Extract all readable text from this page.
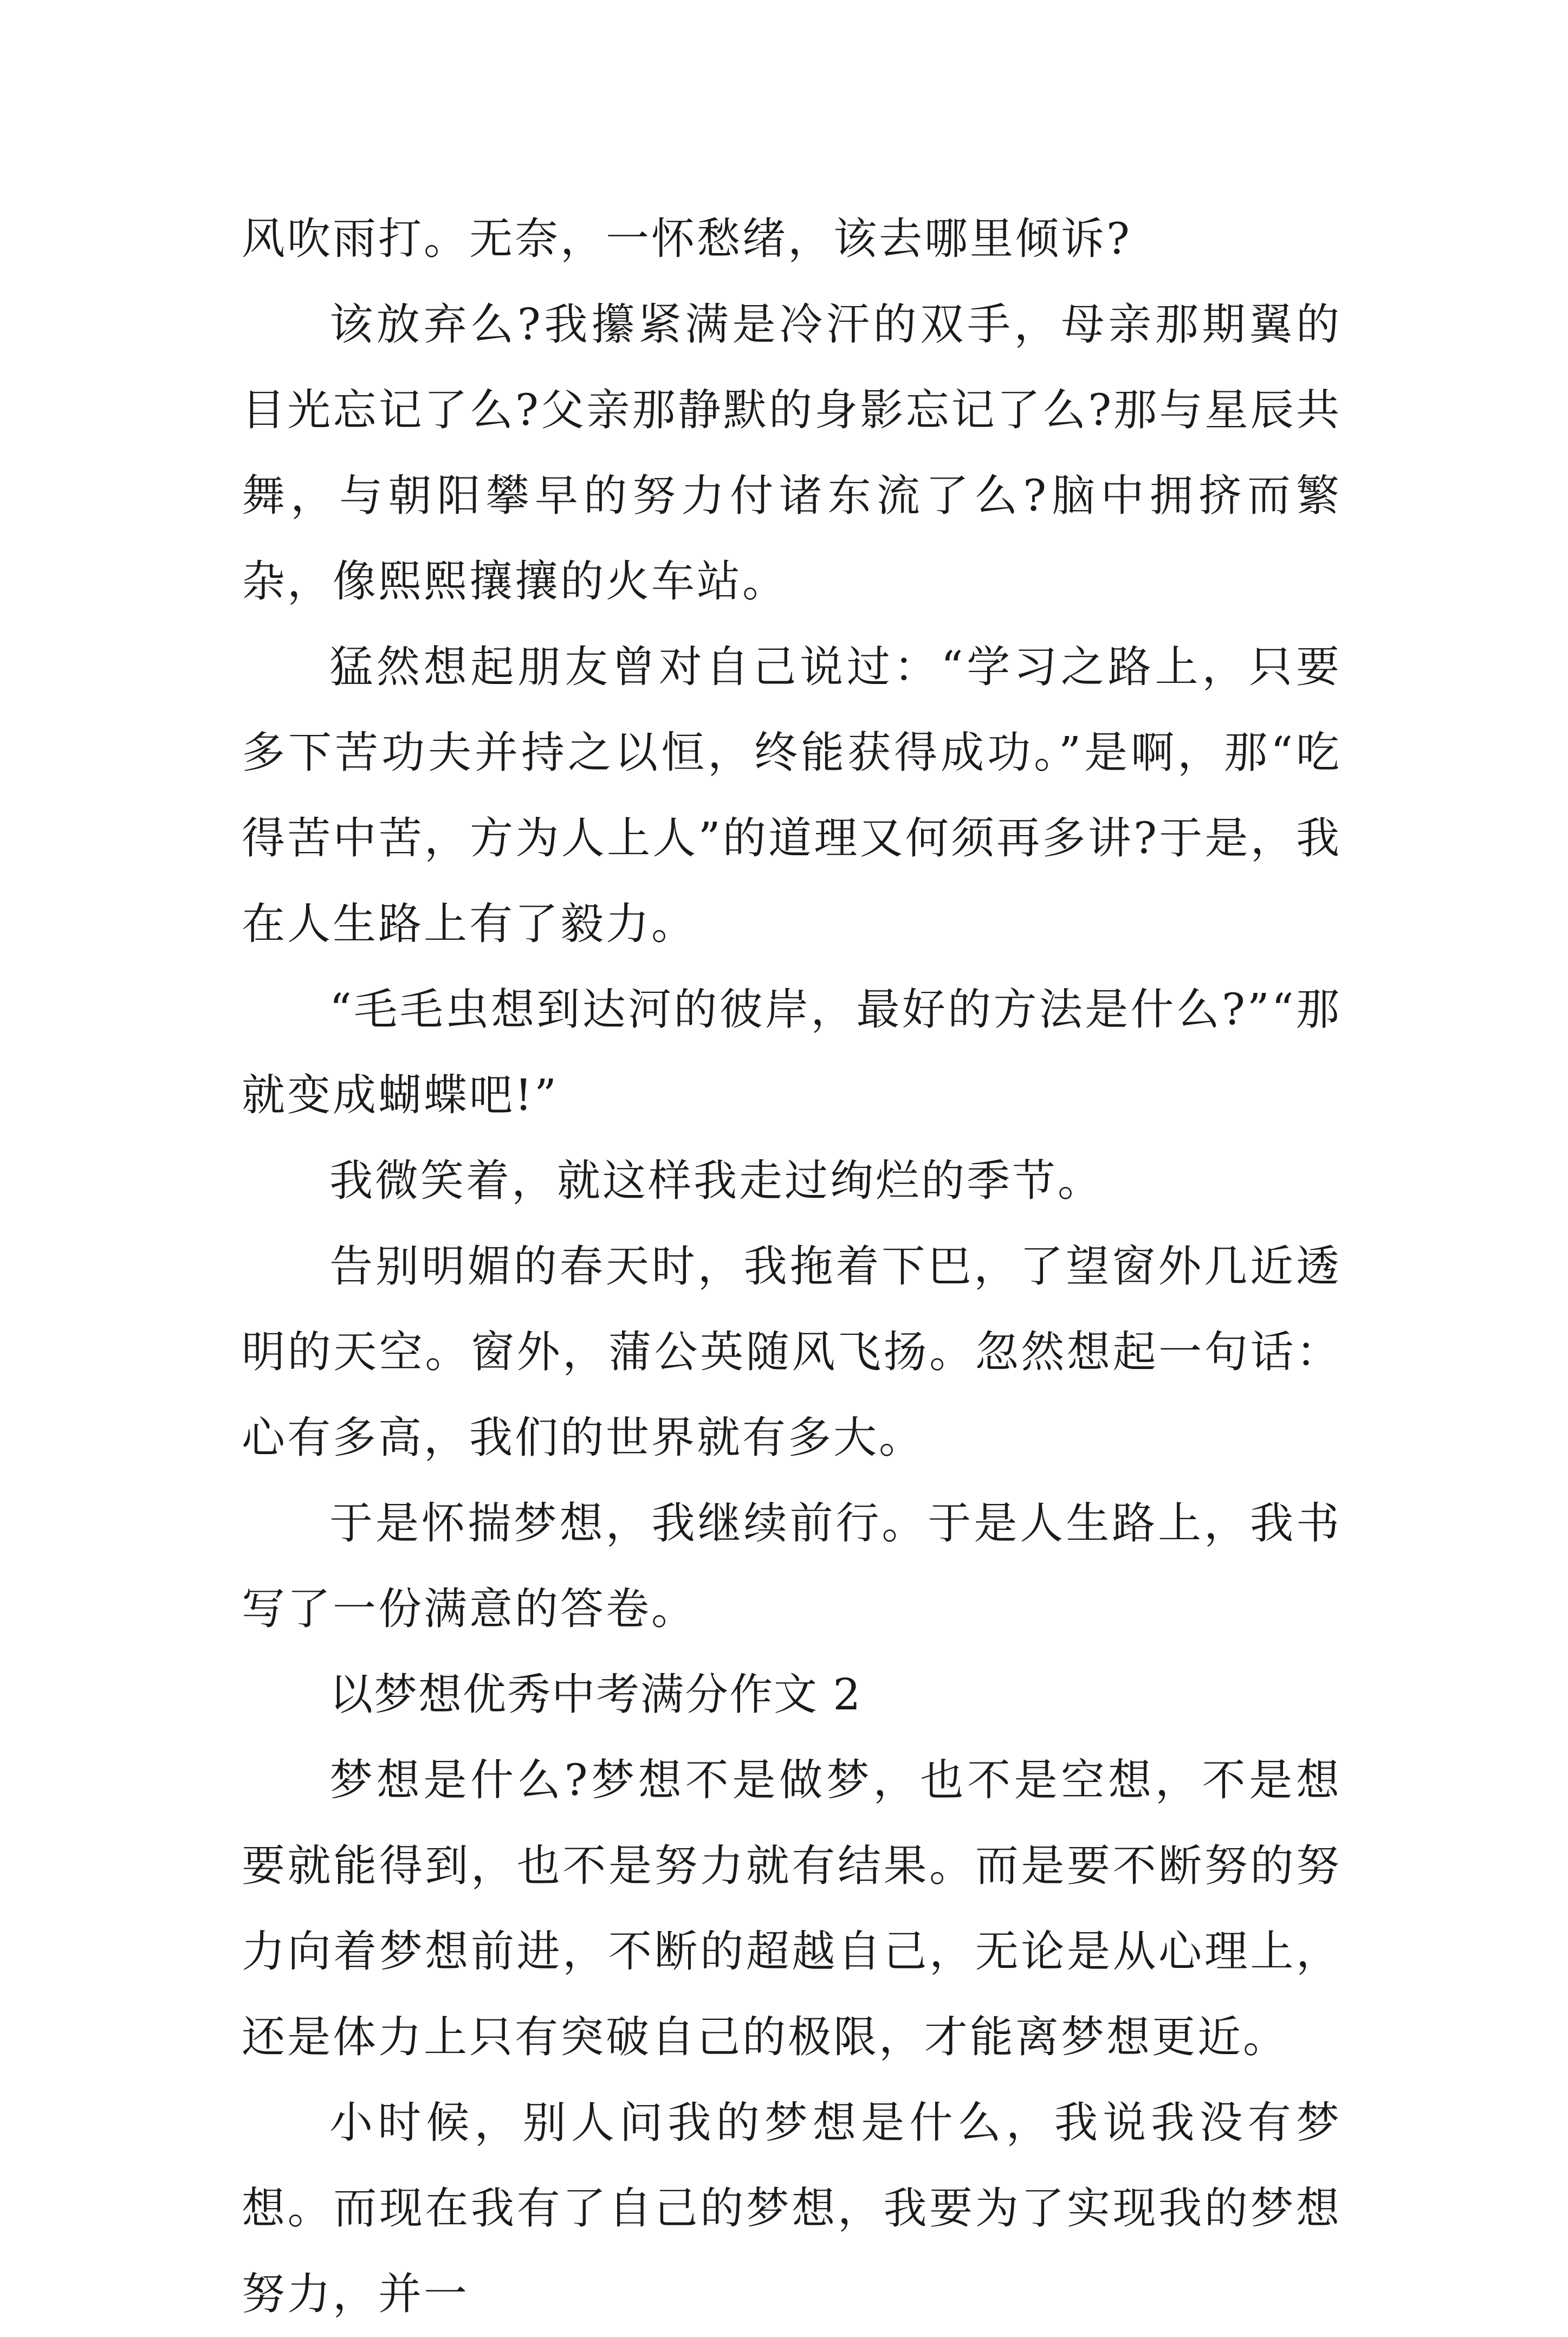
风吹雨打。无奈，一怀愁绪，该去哪里倾诉?

该放弃么?我攥紧满是冷汗的双手，母亲那期翼的目光忘记了么?父亲那静默的身影忘记了么?那与星辰共舞，与朝阳攀早的努力付诸东流了么?脑中拥挤而繁杂，像熙熙攘攘的火车站。

猛然想起朋友曾对自己说过：“学习之路上，只要多下苦功夫并持之以恒，终能获得成功。”是啊，那“吃得苦中苦，方为人上人”的道理又何须再多讲?于是，我在人生路上有了毅力。

“毛毛虫想到达河的彼岸，最好的方法是什么?”“那就变成蝴蝶吧!”

我微笑着，就这样我走过绚烂的季节。

告别明媚的春天时，我拖着下巴，了望窗外几近透明的天空。窗外，蒲公英随风飞扬。忽然想起一句话：心有多高，我们的世界就有多大。

于是怀揣梦想，我继续前行。于是人生路上，我书写了一份满意的答卷。

以梦想优秀中考满分作文 2

梦想是什么?梦想不是做梦，也不是空想，不是想要就能得到，也不是努力就有结果。而是要不断努的努力向着梦想前进，不断的超越自己，无论是从心理上，还是体力上只有突破自己的极限，才能离梦想更近。

小时候，别人问我的梦想是什么，我说我没有梦想。而现在我有了自己的梦想，我要为了实现我的梦想努力，并一
